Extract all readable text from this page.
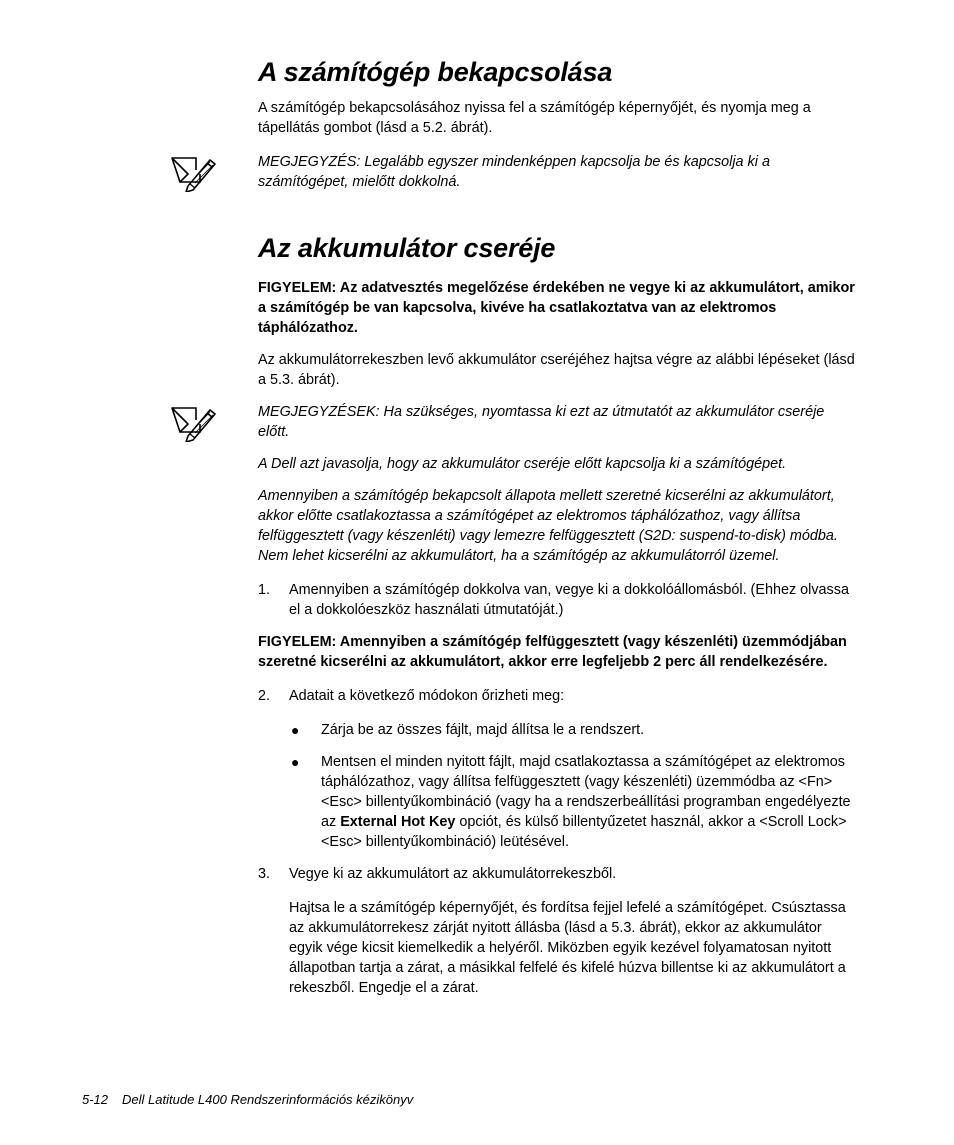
A számítógép bekapcsolása

A számítógép bekapcsolásához nyissa fel a számítógép képernyőjét, és nyomja meg a tápellátás gombot (lásd a 5.2. ábrát).

MEGJEGYZÉS: Legalább egyszer mindenképpen kapcsolja be és kapcsolja ki a számítógépet, mielőtt dokkolná.

Az akkumulátor cseréje

FIGYELEM: Az adatvesztés megelőzése érdekében ne vegye ki az akkumulátort, amikor a számítógép be van kapcsolva, kivéve ha csatlakoztatva van az elektromos táphálózathoz.

Az akkumulátorrekeszben levő akkumulátor cseréjéhez hajtsa végre az alábbi lépéseket (lásd a 5.3. ábrát).

MEGJEGYZÉSEK: Ha szükséges, nyomtassa ki ezt az útmutatót az akkumulátor cseréje előtt.

A Dell azt javasolja, hogy az akkumulátor cseréje előtt kapcsolja ki a számítógépet.

Amennyiben a számítógép bekapcsolt állapota mellett szeretné kicserélni az akkumulátort, akkor előtte csatlakoztassa a számítógépet az elektromos táphálózathoz, vagy állítsa felfüggesztett (vagy készenléti) vagy lemezre felfüggesztett (S2D: suspend-to-disk) módba. Nem lehet kicserélni az akkumulátort, ha a számítógép az akkumulátorról üzemel.

1. Amennyiben a számítógép dokkolva van, vegye ki a dokkolóállomásból. (Ehhez olvassa el a dokkolóeszköz használati útmutatóját.)

FIGYELEM: Amennyiben a számítógép felfüggesztett (vagy készenléti) üzemmódjában szeretné kicserélni az akkumulátort, akkor erre legfeljebb 2 perc áll rendelkezésére.

2. Adatait a következő módokon őrizheti meg:
● Zárja be az összes fájlt, majd állítsa le a rendszert.
● Mentsen el minden nyitott fájlt, majd csatlakoztassa a számítógépet az elektromos táphálózathoz, vagy állítsa felfüggesztett (vagy készenléti) üzemmódba az <Fn><Esc> billentyűkombináció (vagy ha a rendszerbeállítási programban engedélyezte az External Hot Key opciót, és külső billentyűzetet használ, akkor a <Scroll Lock><Esc> billentyűkombináció) leütésével.
3. Vegye ki az akkumulátort az akkumulátorrekeszből.

Hajtsa le a számítógép képernyőjét, és fordítsa fejjel lefelé a számítógépet. Csúsztassa az akkumulátorrekesz zárját nyitott állásba (lásd a 5.3. ábrát), ekkor az akkumulátor egyik vége kicsit kiemelkedik a helyéről. Miközben egyik kezével folyamatosan nyitott állapotban tartja a zárat, a másikkal felfelé és kifelé húzva billentse ki az akkumulátort a rekeszből. Engedje el a zárat.

5-12 Dell Latitude L400 Rendszerinformációs kézikönyv
